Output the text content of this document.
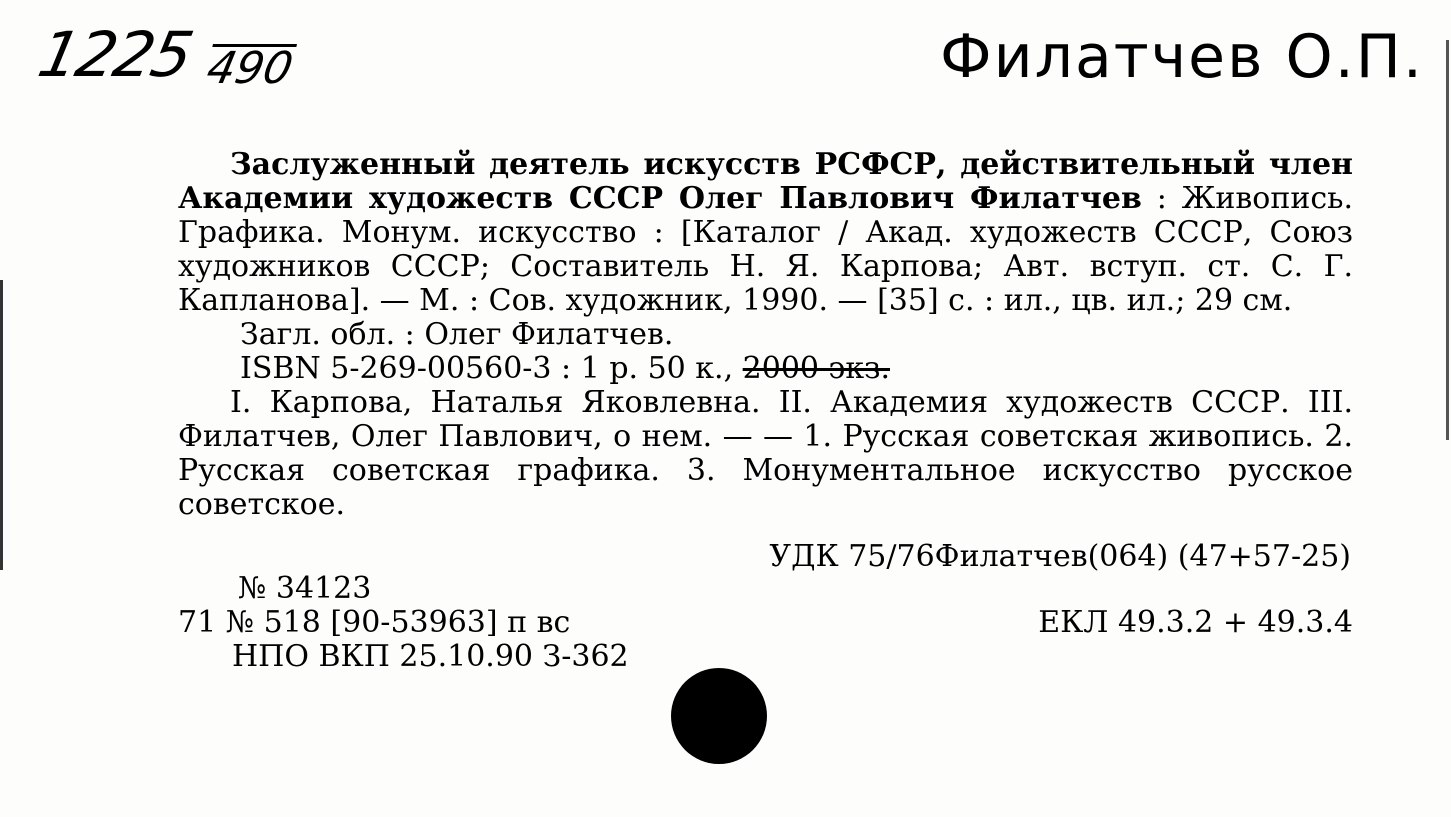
1225 490	Филатчев О.П.

Заслуженный деятель искусств РСФСР, действительный член Академии художеств СССР Олег Павлович Филатчев : Живопись. Графика. Монум. искусство : [Каталог / Акад. художеств СССР, Союз художников СССР; Составитель Н. Я. Карпова; Авт. вступ. ст. С. Г. Капланова]. — М. : Сов. художник, 1990. — [35] с. : ил., цв. ил.; 29 см.

Загл. обл. : Олег Филатчев.

ISBN 5-269-00560-3 : 1 р. 50 к., 2000 экз.

I. Карпова, Наталья Яковлевна. II. Академия художеств СССР. III. Филатчев, Олег Павлович, о нем. — — 1. Русская советская живопись. 2. Русская советская графика. 3. Монументальное искусство русское советское.

УДК 75/76Филатчев(064) (47+57-25)
№ 34123
71 № 518 [90-53963] п вс	ЕКЛ 49.3.2 + 49.3.4
НПО ВКП 25.10.90 З-362
